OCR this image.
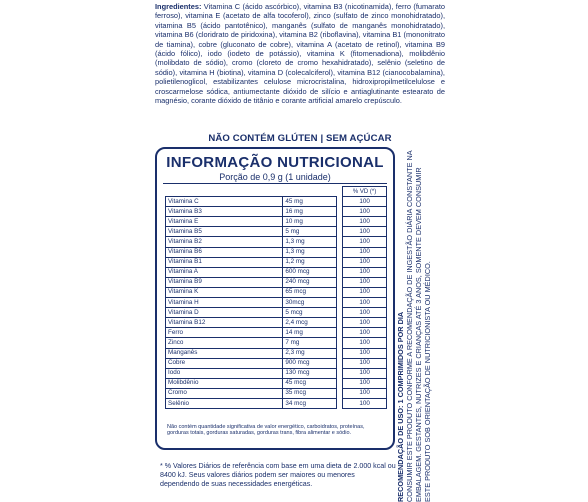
Ingredientes: Vitamina C (ácido ascórbico), vitamina B3 (nicotinamida), ferro (fumarato ferroso), vitamina E (acetato de alfa tocoferol), zinco (sulfato de zinco monohidratado), vitamina B5 (ácido pantotênico), manganês (sulfato de manganês monohidratado), vitamina B6 (cloridrato de piridoxina), vitamina B2 (riboflavina), vitamina B1 (mononitrato de tiamina), cobre (gluconato de cobre), vitamina A (acetato de retinol), vitamina B9 (ácido fólico), iodo (iodeto de potássio), vitamina K (fitomenadiona), molibdênio (molibdato de sódio), cromo (cloreto de cromo hexahidratado), selênio (seletino de sódio), vitamina H (biotina), vitamina D (colecalciferol), vitamina B12 (cianocobalamina), polietilenoglicol, estabilizantes celulose microcristalina, hidroxipropilmetilcelulose e croscarmelose sódica, antiumectante dióxido de silício e antiaglutinante estearato de magnésio, corante dióxido de titânio e corante artificial amarelo crepúsculo.
NÃO CONTÉM GLÚTEN | SEM AÇÚCAR
INFORMAÇÃO NUTRICIONAL
Porção de 0,9 g (1 unidade)
			% VD (*)
Vitamina C	45 mg		100
Vitamina B3	16 mg		100
Vitamina E	10 mg		100
Vitamina B5	5 mg		100
Vitamina B2	1,3 mg		100
Vitamina B6	1,3 mg		100
Vitamina B1	1,2 mg		100
Vitamina A	600 mcg		100
Vitamina B9	240 mcg		100
Vitamina K	65 mcg		100
Vitamina H	30mcg		100
Vitamina D	5 mcg		100
Vitamina B12	2,4 mcg		100
Ferro	14 mg		100
Zinco	7 mg		100
Manganês	2,3 mg		100
Cobre	900 mcg		100
Iodo	130 mcg		100
Molibdênio	45 mcg		100
Cromo	35 mcg		100
Selênio	34 mcg		100
Não contém quantidade significativa de valor energético, carboidratos, proteínas, gorduras totais, gorduras saturadas, gorduras trans, fibra alimentar e sódio.
* % Valores Diários de referência com base em uma dieta de 2.000 kcal ou 8400 kJ. Seus valores diários podem ser maiores ou menores dependendo de suas necessidades energéticas.	RECOMENDAÇÃO DE USO: 1 COMPRIMIDOS POR DIA
CONSUMIR ESTE PRODUTO CONFORME A RECOMENDAÇÃO DE INGESTÃO DIÁRIA CONSTANTE NA EMBALAGEM. GESTANTES, NUTRIZES E CRIANÇAS ATÉ 3 ANOS, SOMENTE DEVEM CONSUMIR ESTE PRODUTO SOB ORIENTAÇÃO DE NUTRICIONISTA OU MÉDICO.
